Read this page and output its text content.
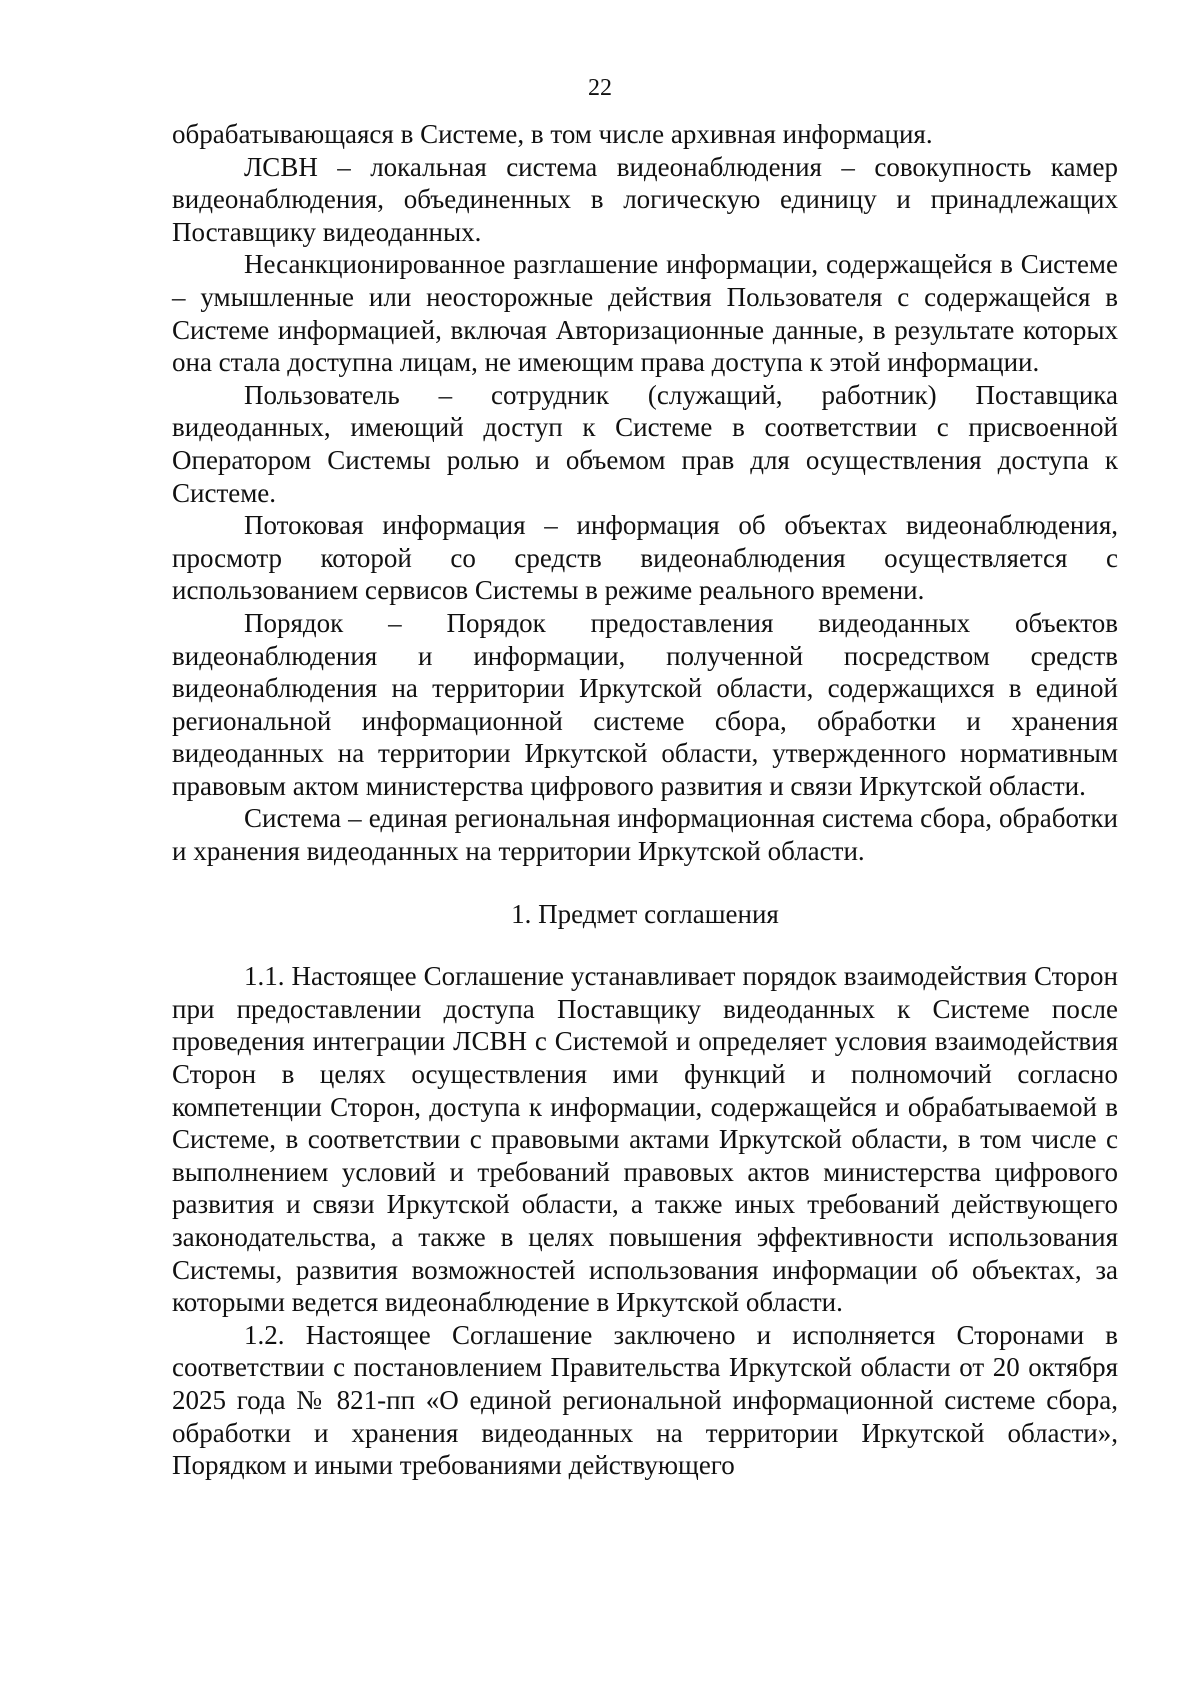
22

обрабатывающаяся в Системе, в том числе архивная информация.

ЛСВН – локальная система видеонаблюдения – совокупность камер видеонаблюдения, объединенных в логическую единицу и принадлежащих Поставщику видеоданных.

Несанкционированное разглашение информации, содержащейся в Системе – умышленные или неосторожные действия Пользователя с содержащейся в Системе информацией, включая Авторизационные данные, в результате которых она стала доступна лицам, не имеющим права доступа к этой информации.

Пользователь – сотрудник (служащий, работник) Поставщика видеоданных, имеющий доступ к Системе в соответствии с присвоенной Оператором Системы ролью и объемом прав для осуществления доступа к Системе.

Потоковая информация – информация об объектах видеонаблюдения, просмотр которой со средств видеонаблюдения осуществляется с использованием сервисов Системы в режиме реального времени.

Порядок – Порядок предоставления видеоданных объектов видеонаблюдения и информации, полученной посредством средств видеонаблюдения на территории Иркутской области, содержащихся в единой региональной информационной системе сбора, обработки и хранения видеоданных на территории Иркутской области, утвержденного нормативным правовым актом министерства цифрового развития и связи Иркутской области.

Система – единая региональная информационная система сбора, обработки и хранения видеоданных на территории Иркутской области.

1. Предмет соглашения

1.1. Настоящее Соглашение устанавливает порядок взаимодействия Сторон при предоставлении доступа Поставщику видеоданных к Системе после проведения интеграции ЛСВН с Системой и определяет условия взаимодействия Сторон в целях осуществления ими функций и полномочий согласно компетенции Сторон, доступа к информации, содержащейся и обрабатываемой в Системе, в соответствии с правовыми актами Иркутской области, в том числе с выполнением условий и требований правовых актов министерства цифрового развития и связи Иркутской области, а также иных требований действующего законодательства, а также в целях повышения эффективности использования Системы, развития возможностей использования информации об объектах, за которыми ведется видеонаблюдение в Иркутской области.

1.2. Настоящее Соглашение заключено и исполняется Сторонами в соответствии с постановлением Правительства Иркутской области от 20 октября 2025 года № 821-пп «О единой региональной информационной системе сбора, обработки и хранения видеоданных на территории Иркутской области», Порядком и иными требованиями действующего
